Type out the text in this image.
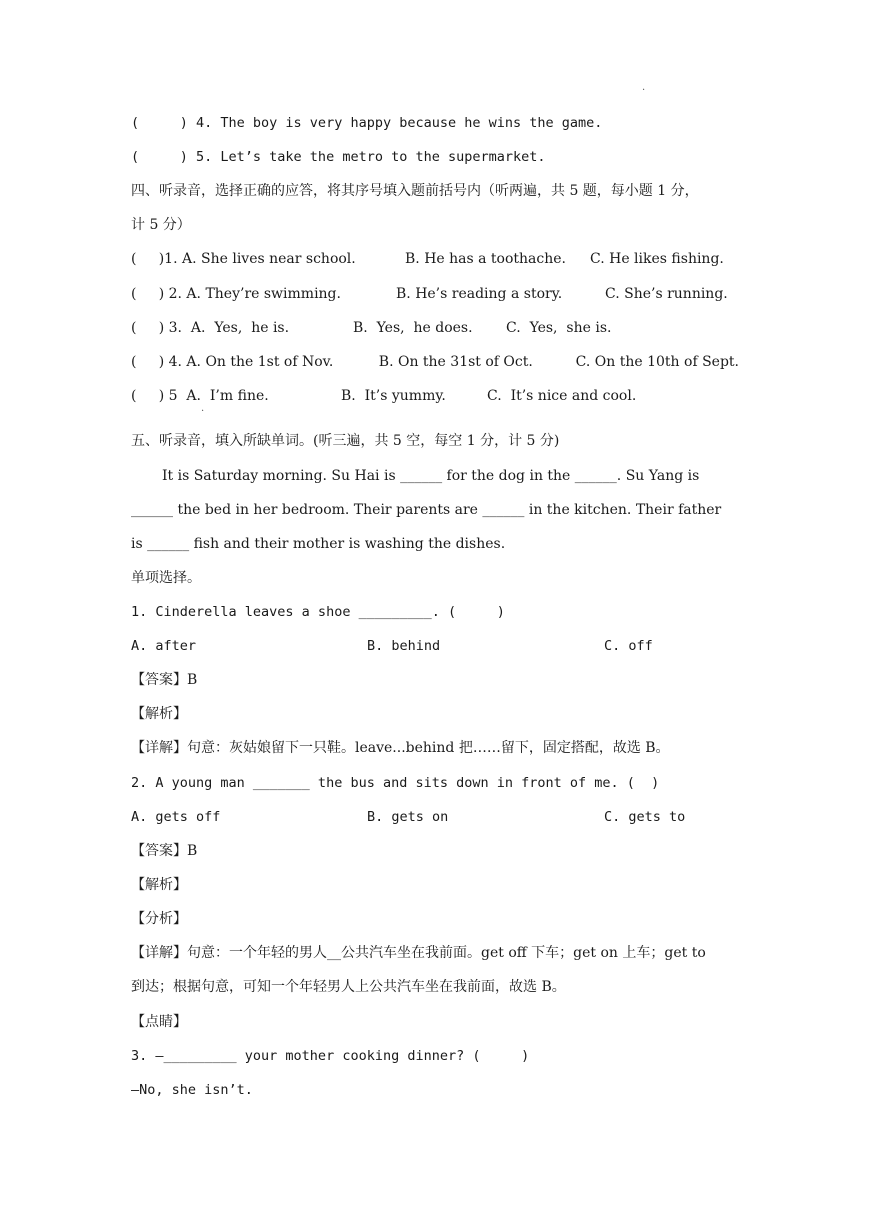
.
(     ) 4. The boy is very happy because he wins the game.
(     ) 5. Let’s take the metro to the supermarket.
四、听录音，选择正确的应答，将其序号填入题前括号内（听两遍，共 5 题，每小题 1 分，
计 5 分）
(     )1. A. She lives near school.	B. He has a toothache.	C. He likes fishing.
(     ) 2. A. They’re swimming.	B. He’s reading a story.	C. She’s running.
(     ) 3.  A.  Yes,  he is.	B.  Yes,  he does.	C.  Yes,  she is.
(     ) 4. A. On the 1st of Nov.	B. On the 31st of Oct.	C. On the 10th of Sept.
(     ) 5  A.  I’m fine.	B.  It’s yummy.	C.  It’s nice and cool.
.
五、听录音，填入所缺单词。(听三遍，共 5 空，每空 1 分，计 5 分)
It is Saturday morning. Su Hai is ______ for the dog in the ______. Su Yang is
______ the bed in her bedroom. Their parents are ______ in the kitchen. Their father
is ______ fish and their mother is washing the dishes.
单项选择。
1. Cinderella leaves a shoe _________. (     )
A. after	B. behind	C. off
【答案】B
【解析】
【详解】句意：灰姑娘留下一只鞋。leave...behind 把……留下，固定搭配，故选 B。
2. A young man _______ the bus and sits down in front of me. (  )
A. gets off	B. gets on	C. gets to
【答案】B
【解析】
【分析】
【详解】句意：一个年轻的男人__公共汽车坐在我前面。get off 下车；get on 上车；get to
到达；根据句意，可知一个年轻男人上公共汽车坐在我前面，故选 B。
【点睛】
3. —_________ your mother cooking dinner? (     )
—No, she isn’t.
